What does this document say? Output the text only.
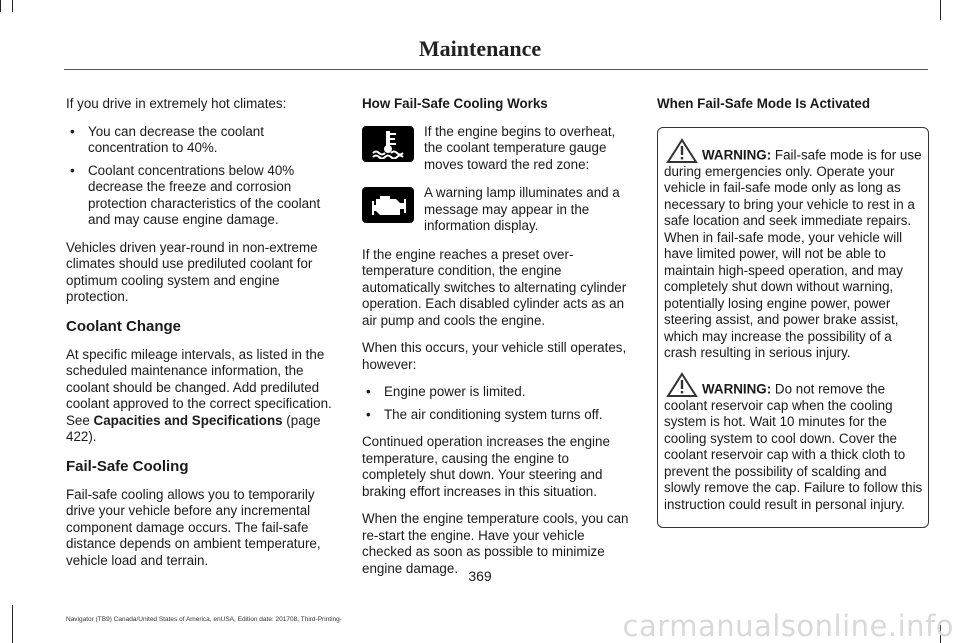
Maintenance

If you drive in extremely hot climates:

• You can decrease the coolant concentration to 40%.
• Coolant concentrations below 40% decrease the freeze and corrosion protection characteristics of the coolant and may cause engine damage.

Vehicles driven year-round in non-extreme climates should use prediluted coolant for optimum cooling system and engine protection.

Coolant Change

At specific mileage intervals, as listed in the scheduled maintenance information, the coolant should be changed. Add prediluted coolant approved to the correct specification. See Capacities and Specifications (page 422).

Fail-Safe Cooling

Fail-safe cooling allows you to temporarily drive your vehicle before any incremental component damage occurs. The fail-safe distance depends on ambient temperature, vehicle load and terrain.

How Fail-Safe Cooling Works
If the engine begins to overheat, the coolant temperature gauge moves toward the red zone:
A warning lamp illuminates and a message may appear in the information display.

If the engine reaches a preset over-temperature condition, the engine automatically switches to alternating cylinder operation. Each disabled cylinder acts as an air pump and cools the engine.

When this occurs, your vehicle still operates, however:

• Engine power is limited.
• The air conditioning system turns off.

Continued operation increases the engine temperature, causing the engine to completely shut down. Your steering and braking effort increases in this situation.

When the engine temperature cools, you can re-start the engine. Have your vehicle checked as soon as possible to minimize engine damage.

When Fail-Safe Mode Is Activated

WARNING: Fail-safe mode is for use during emergencies only. Operate your vehicle in fail-safe mode only as long as necessary to bring your vehicle to rest in a safe location and seek immediate repairs. When in fail-safe mode, your vehicle will have limited power, will not be able to maintain high-speed operation, and may completely shut down without warning, potentially losing engine power, power steering assist, and power brake assist, which may increase the possibility of a crash resulting in serious injury.

WARNING: Do not remove the coolant reservoir cap when the cooling system is hot. Wait 10 minutes for the cooling system to cool down. Cover the coolant reservoir cap with a thick cloth to prevent the possibility of scalding and slowly remove the cap. Failure to follow this instruction could result in personal injury.

369
Navigator (TB9) Canada/United States of America, enUSA, Edition date: 201708, Third-Printing-	carmanualsonline.info
